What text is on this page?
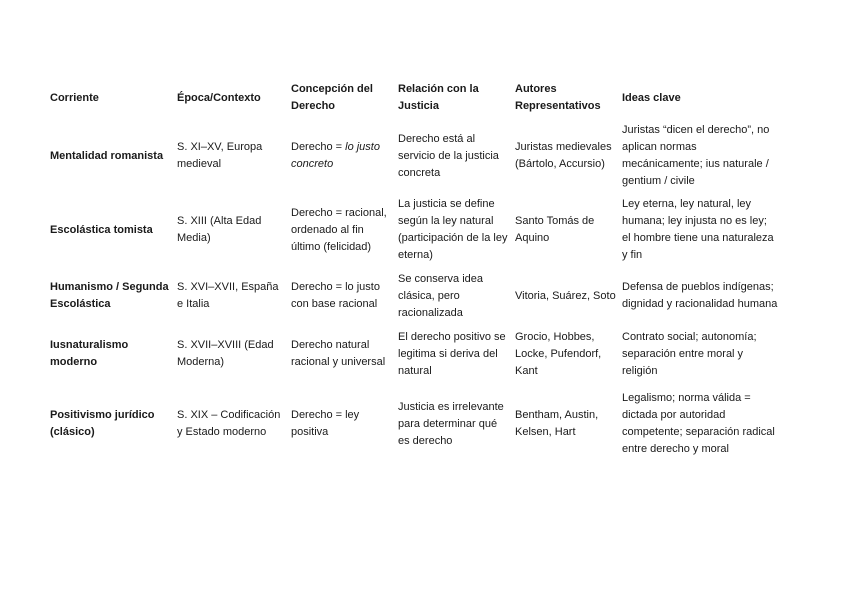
Corriente	Época/Contexto	Concepción del Derecho	Relación con la Justicia	Autores Representativos	Ideas clave
Mentalidad romanista	S. XI–XV, Europa medieval	Derecho = lo justo concreto	Derecho está al servicio de la justicia concreta	Juristas medievales (Bártolo, Accursio)	Juristas “dicen el derecho”, no aplican normas mecánicamente; ius naturale / gentium / civile
Escolástica tomista	S. XIII (Alta Edad Media)	Derecho = racional, ordenado al fin último (felicidad)	La justicia se define según la ley natural (participación de la ley eterna)	Santo Tomás de Aquino	Ley eterna, ley natural, ley humana; ley injusta no es ley; el hombre tiene una naturaleza y fin
Humanismo / Segunda Escolástica	S. XVI–XVII, España e Italia	Derecho = lo justo con base racional	Se conserva idea clásica, pero racionalizada	Vitoria, Suárez, Soto	Defensa de pueblos indígenas; dignidad y racionalidad humana
Iusnaturalismo moderno	S. XVII–XVIII (Edad Moderna)	Derecho natural racional y universal	El derecho positivo se legitima si deriva del natural	Grocio, Hobbes, Locke, Pufendorf, Kant	Contrato social; autonomía; separación entre moral y religión
Positivismo jurídico (clásico)	S. XIX – Codificación y Estado moderno	Derecho = ley positiva	Justicia es irrelevante para determinar qué es derecho	Bentham, Austin, Kelsen, Hart	Legalismo; norma válida = dictada por autoridad competente; separación radical entre derecho y moral
